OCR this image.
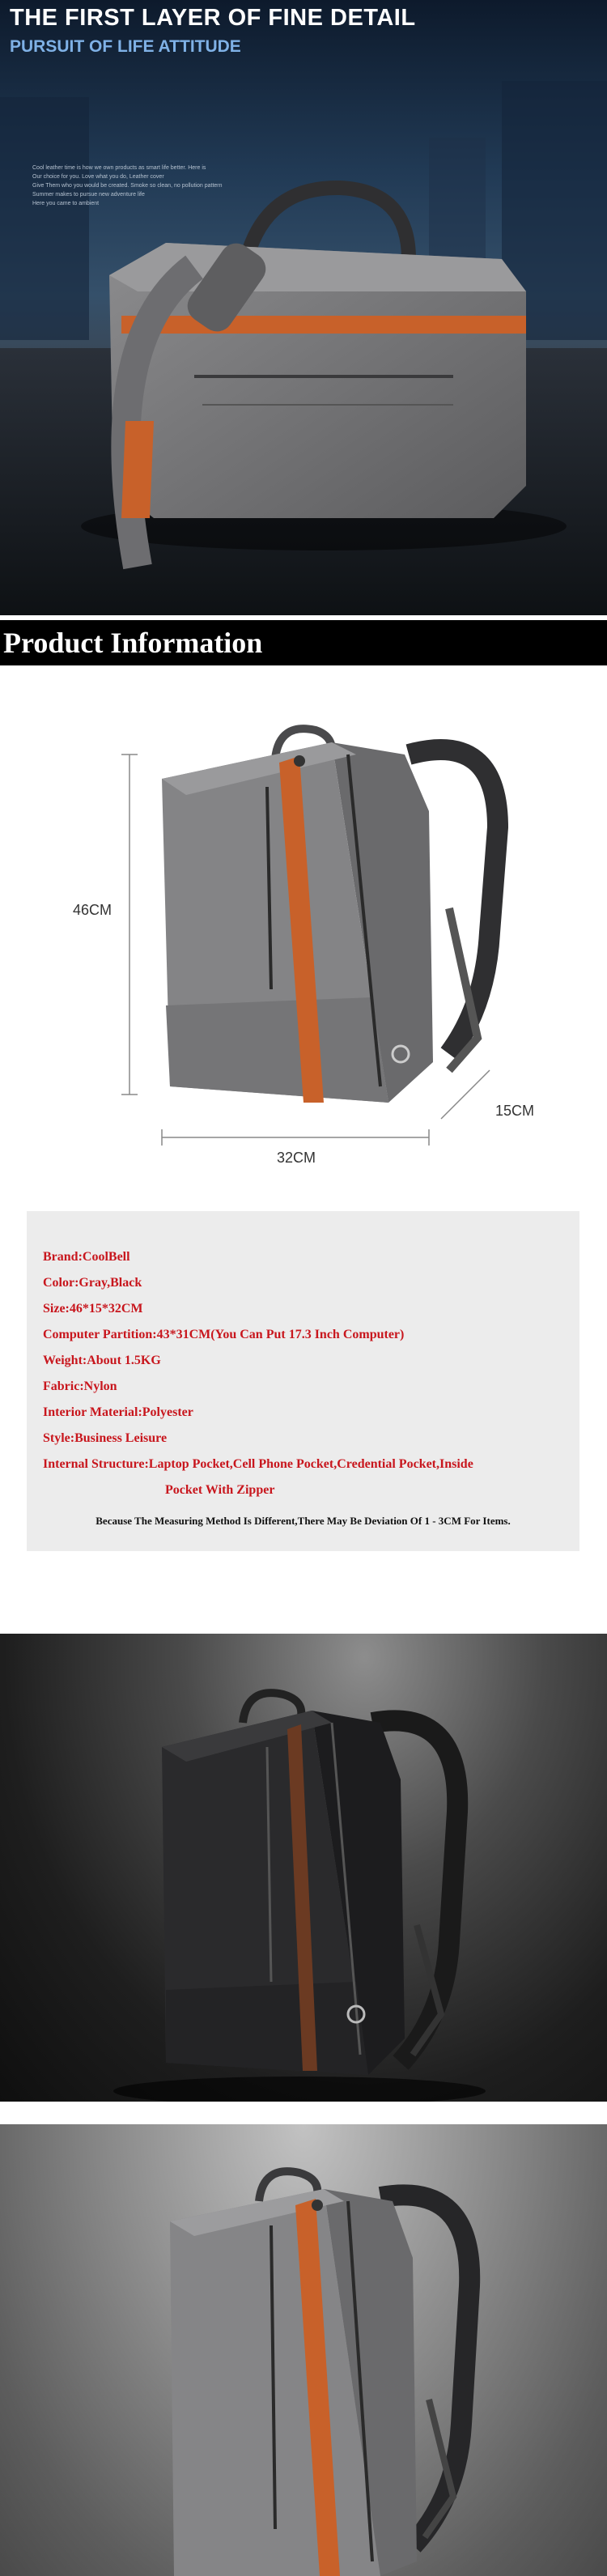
THE FIRST LAYER OF FINE DETAIL
PURSUIT OF LIFE ATTITUDE
Cool leather time is how we own products as smart life better. Here is
Our choice for you. Love what you do, Leather cover
Give Them who you would be created. Smoke so clean, no pollution pattern
Summer makes to pursue new adventure life
Here you came to ambient
Product Information
46CM
32CM
15CM
Brand:CoolBell
Color:Gray,Black
Size:46*15*32CM
Computer Partition:43*31CM(You Can Put 17.3 Inch Computer)
Weight:About 1.5KG
Fabric:Nylon
Interior Material:Polyester
Style:Business Leisure
Internal Structure:Laptop Pocket,Cell Phone Pocket,Credential Pocket,Inside
Pocket With Zipper
Because The Measuring Method Is Different,There May Be Deviation Of 1 - 3CM For Items.
